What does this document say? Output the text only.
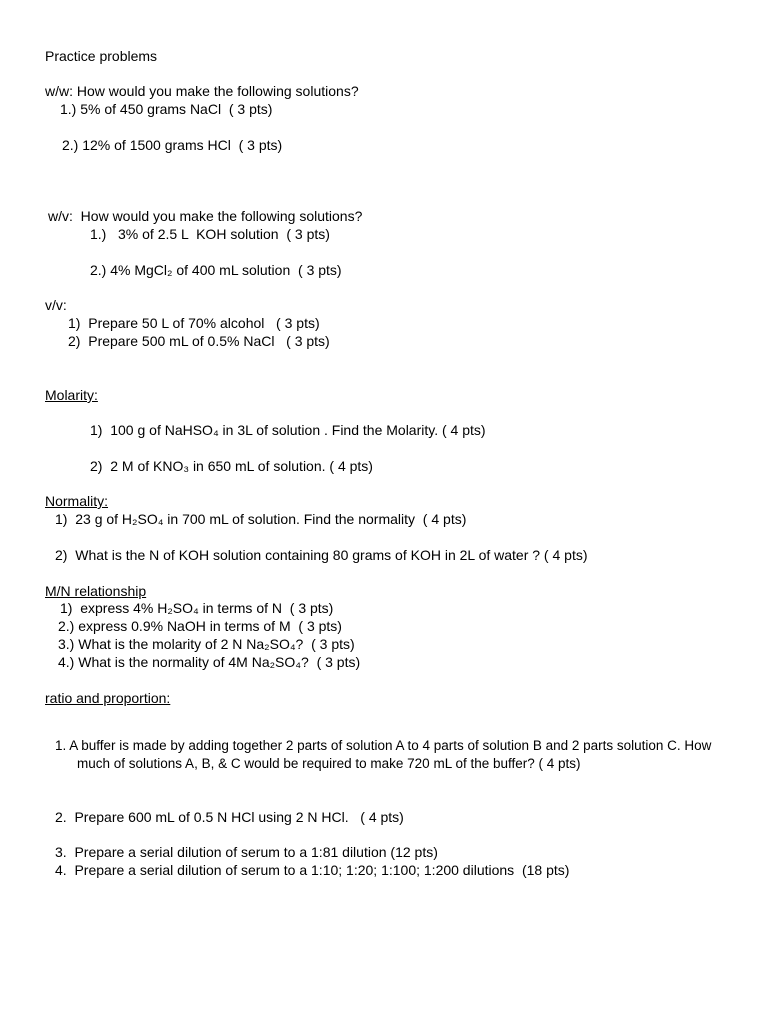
Practice problems
w/w: How would you make the following solutions?
1.) 5% of 450 grams NaCl  ( 3 pts)
2.) 12% of 1500 grams HCl  ( 3 pts)
w/v:  How would you make the following solutions?
1.)   3% of 2.5 L  KOH solution  ( 3 pts)
2.) 4% MgCl₂ of 400 mL solution  ( 3 pts)
v/v:
1)  Prepare 50 L of 70% alcohol   ( 3 pts)
2)  Prepare 500 mL of 0.5% NaCl   ( 3 pts)
Molarity:
1)  100 g of NaHSO₄ in 3L of solution . Find the Molarity. ( 4 pts)
2)  2 M of KNO₃ in 650 mL of solution. ( 4 pts)
Normality:
1)  23 g of H₂SO₄ in 700 mL of solution. Find the normality  ( 4 pts)
2)  What is the N of KOH solution containing 80 grams of KOH in 2L of water ? ( 4 pts)
M/N relationship
1)  express 4% H₂SO₄ in terms of N  ( 3 pts)
2.) express 0.9% NaOH in terms of M  ( 3 pts)
3.) What is the molarity of 2 N Na₂SO₄?  ( 3 pts)
4.) What is the normality of 4M Na₂SO₄?  ( 3 pts)
ratio and proportion:
1. A buffer is made by adding together 2 parts of solution A to 4 parts of solution B and 2 parts solution C. How much of solutions A, B, & C would be required to make 720 mL of the buffer? ( 4 pts)
2.  Prepare 600 mL of 0.5 N HCl using 2 N HCl.   ( 4 pts)
3.  Prepare a serial dilution of serum to a 1:81 dilution (12 pts)
4.  Prepare a serial dilution of serum to a 1:10; 1:20; 1:100; 1:200 dilutions  (18 pts)
